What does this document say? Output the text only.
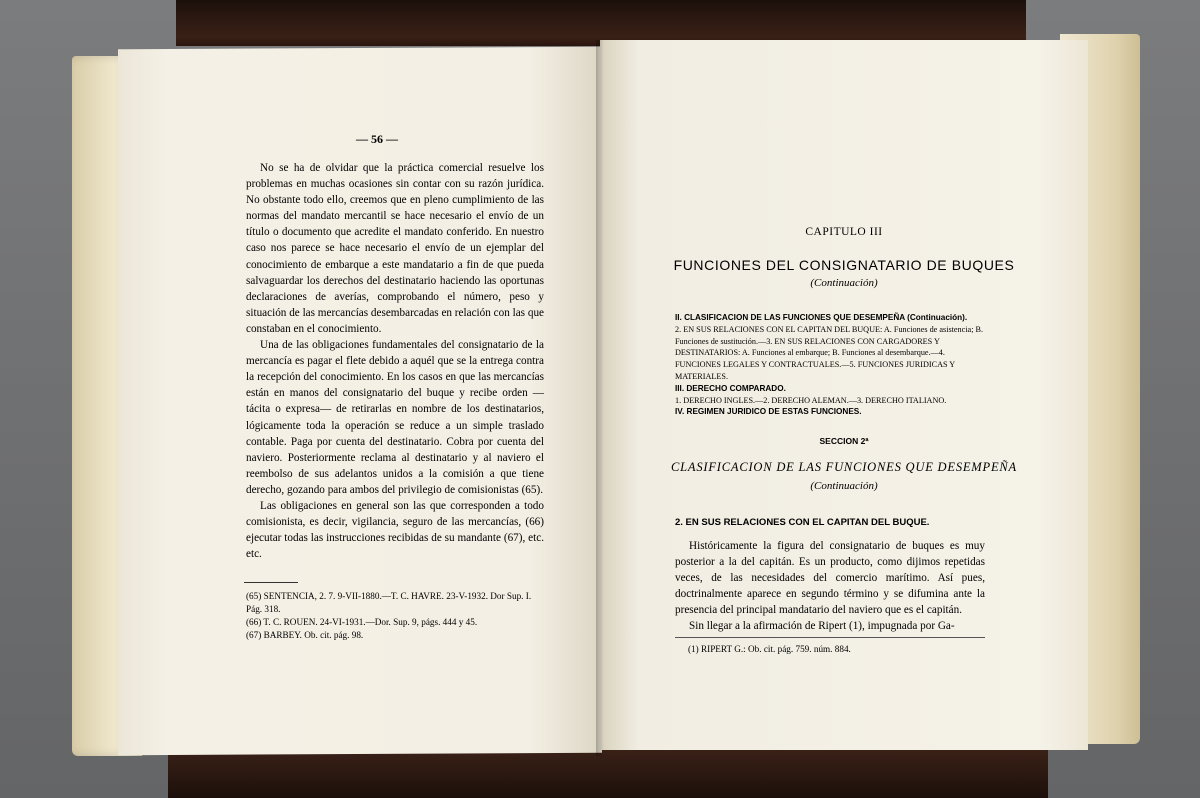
— 56 —

No se ha de olvidar que la práctica comercial resuelve los problemas en muchas ocasiones sin contar con su razón jurídica. No obstante todo ello, creemos que en pleno cumplimiento de las normas del mandato mercantil se hace necesario el envío de un título o documento que acredite el mandato conferido. En nuestro caso nos parece se hace necesario el envío de un ejemplar del conocimiento de embarque a este mandatario a fin de que pueda salvaguardar los derechos del destinatario haciendo las oportunas declaraciones de averías, comprobando el número, peso y situación de las mercancías desembarcadas en relación con las que constaban en el conocimiento.

Una de las obligaciones fundamentales del consignatario de la mercancía es pagar el flete debido a aquél que se la entrega contra la recepción del conocimiento. En los casos en que las mercancías están en manos del consignatario del buque y recibe orden —tácita o expresa— de retirarlas en nombre de los destinatarios, lógicamente toda la operación se reduce a un simple traslado contable. Paga por cuenta del destinatario. Cobra por cuenta del naviero. Posteriormente reclama al destinatario y al naviero el reembolso de sus adelantos unidos a la comisión a que tiene derecho, gozando para ambos del privilegio de comisionistas (65).

Las obligaciones en general son las que corresponden a todo comisionista, es decir, vigilancia, seguro de las mercancías, (66) ejecutar todas las instrucciones recibidas de su mandante (67), etc. etc.

(65) SENTENCIA, 2. 7. 9-VII-1880.—T. C. HAVRE. 23-V-1932. Dor Sup. I. Pág. 318.
(66) T. C. ROUEN. 24-VI-1931.—Dor. Sup. 9, págs. 444 y 45.
(67) BARBEY. Ob. cit. pág. 98.
CAPITULO III
FUNCIONES DEL CONSIGNATARIO DE BUQUES
(Continuación)
II. CLASIFICACION DE LAS FUNCIONES QUE DESEMPEÑA (Continuación).
2. EN SUS RELACIONES CON EL CAPITAN DEL BUQUE: A. Funciones de asistencia; B. Funciones de sustitución.—3. EN SUS RELACIONES CON CARGADORES Y DESTINATARIOS: A. Funciones al embarque; B. Funciones al desembarque.—4. FUNCIONES LEGALES Y CONTRACTUALES.—5. FUNCIONES JURIDICAS Y MATERIALES.
III. DERECHO COMPARADO.
1. DERECHO INGLES.—2. DERECHO ALEMAN.—3. DERECHO ITALIANO.
IV. REGIMEN JURIDICO DE ESTAS FUNCIONES.
SECCION 2ª
CLASIFICACION DE LAS FUNCIONES QUE DESEMPEÑA
(Continuación)
2. EN SUS RELACIONES CON EL CAPITAN DEL BUQUE.

Históricamente la figura del consignatario de buques es muy posterior a la del capitán. Es un producto, como dijimos repetidas veces, de las necesidades del comercio marítimo. Así pues, doctrinalmente aparece en segundo término y se difumina ante la presencia del principal mandatario del naviero que es el capitán.

Sin llegar a la afirmación de Ripert (1), impugnada por Ga-

(1) RIPERT G.: Ob. cit. pág. 759. núm. 884.
